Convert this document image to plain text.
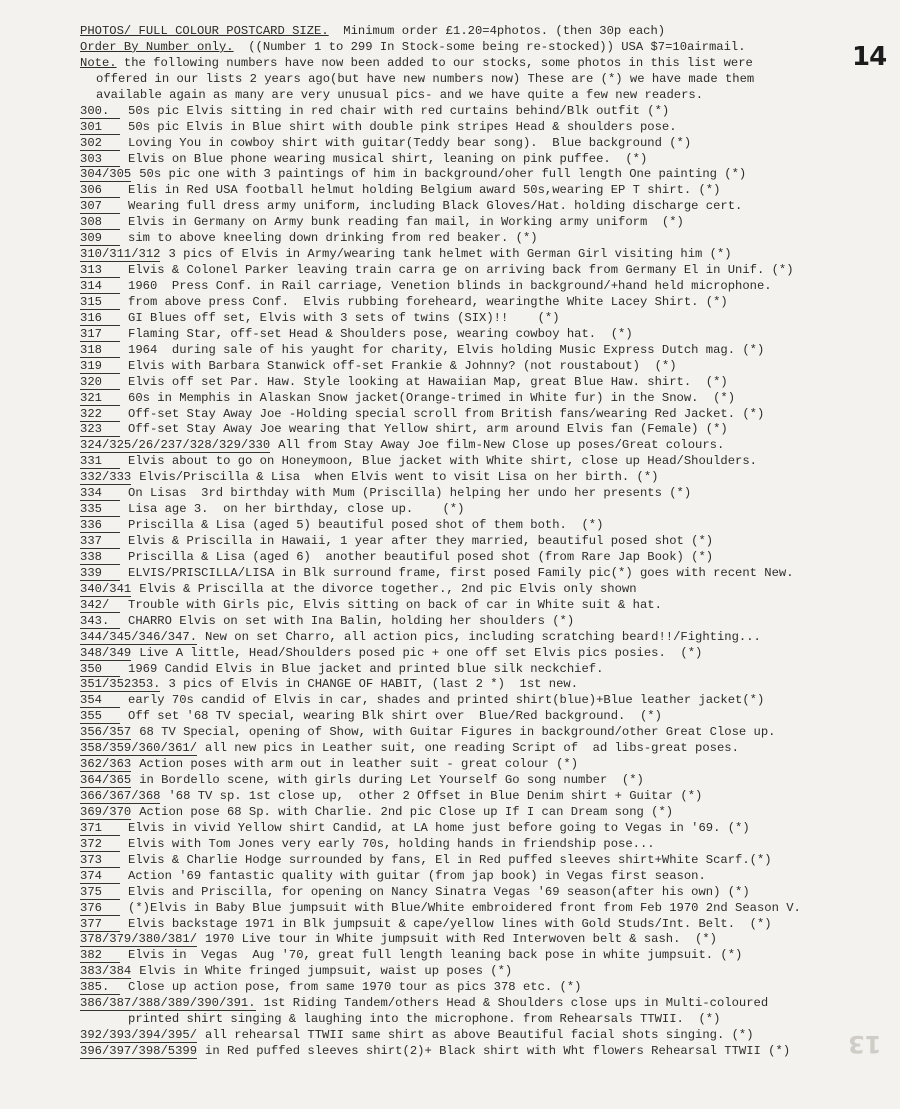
14
13
PHOTOS/ FULL COLOUR POSTCARD SIZE.  Minimum order £1.20=4photos. (then 30p each)
Order By Number only.  ((Number 1 to 299 In Stock-some being re-stocked)) USA $7=10airmail.
Note. the following numbers have now been added to our stocks, some photos in this list were
offered in our lists 2 years ago(but have new numbers now) These are (*) we have made them
available again as many are very unusual pics- and we have quite a few new readers.
300. 50s pic Elvis sitting in red chair with red curtains behind/Blk outfit (*)
301 50s pic Elvis in Blue shirt with double pink stripes Head & shoulders pose.
302 Loving You in cowboy shirt with guitar(Teddy bear song).  Blue background (*)
303 Elvis on Blue phone wearing musical shirt, leaning on pink puffee.  (*)
304/305 50s pic one with 3 paintings of him in background/oher full length One painting (*)
306 Elis in Red USA football helmut holding Belgium award 50s,wearing EP T shirt. (*)
307 Wearing full dress army uniform, including Black Gloves/Hat. holding discharge cert.
308 Elvis in Germany on Army bunk reading fan mail, in Working army uniform  (*)
309 sim to above kneeling down drinking from red beaker. (*)
310/311/312 3 pics of Elvis in Army/wearing tank helmet with German Girl visiting him (*)
313 Elvis & Colonel Parker leaving train carra ge on arriving back from Germany El in Unif. (*)
314 1960  Press Conf. in Rail carriage, Venetion blinds in background/+hand held microphone.
315 from above press Conf.  Elvis rubbing foreheard, wearingthe White Lacey Shirt. (*)
316 GI Blues off set, Elvis with 3 sets of twins (SIX)!!    (*)
317 Flaming Star, off-set Head & Shoulders pose, wearing cowboy hat.  (*)
318 1964  during sale of his yaught for charity, Elvis holding Music Express Dutch mag. (*)
319 Elvis with Barbara Stanwick off-set Frankie & Johnny? (not roustabout)  (*)
320 Elvis off set Par. Haw. Style looking at Hawaiian Map, great Blue Haw. shirt.  (*)
321 60s in Memphis in Alaskan Snow jacket(Orange-trimed in White fur) in the Snow.  (*)
322 Off-set Stay Away Joe -Holding special scroll from British fans/wearing Red Jacket. (*)
323 Off-set Stay Away Joe wearing that Yellow shirt, arm around Elvis fan (Female) (*)
324/325/26/237/328/329/330 All from Stay Away Joe film-New Close up poses/Great colours.
331 Elvis about to go on Honeymoon, Blue jacket with White shirt, close up Head/Shoulders.
332/333 Elvis/Priscilla & Lisa  when Elvis went to visit Lisa on her birth. (*)
334 On Lisas  3rd birthday with Mum (Priscilla) helping her undo her presents (*)
335 Lisa age 3.  on her birthday, close up.    (*)
336 Priscilla & Lisa (aged 5) beautiful posed shot of them both.  (*)
337 Elvis & Priscilla in Hawaii, 1 year after they married, beautiful posed shot (*)
338 Priscilla & Lisa (aged 6)  another beautiful posed shot (from Rare Jap Book) (*)
339 ELVIS/PRISCILLA/LISA in Blk surround frame, first posed Family pic(*) goes with recent New.
340/341 Elvis & Priscilla at the divorce together., 2nd pic Elvis only shown
342/ Trouble with Girls pic, Elvis sitting on back of car in White suit & hat.
343. CHARRO Elvis on set with Ina Balin, holding her shoulders (*)
344/345/346/347. New on set Charro, all action pics, including scratching beard!!/Fighting...
348/349 Live A little, Head/Shoulders posed pic + one off set Elvis pics posies.  (*)
350 1969 Candid Elvis in Blue jacket and printed blue silk neckchief.
351/352353. 3 pics of Elvis in CHANGE OF HABIT, (last 2 *)  1st new.
354 early 70s candid of Elvis in car, shades and printed shirt(blue)+Blue leather jacket(*)
355 Off set '68 TV special, wearing Blk shirt over  Blue/Red background.  (*)
356/357 68 TV Special, opening of Show, with Guitar Figures in background/other Great Close up.
358/359/360/361/ all new pics in Leather suit, one reading Script of  ad libs-great poses.
362/363 Action poses with arm out in leather suit - great colour (*)
364/365 in Bordello scene, with girls during Let Yourself Go song number  (*)
366/367/368 '68 TV sp. 1st close up,  other 2 Offset in Blue Denim shirt + Guitar (*)
369/370 Action pose 68 Sp. with Charlie. 2nd pic Close up If I can Dream song (*)
371 Elvis in vivid Yellow shirt Candid, at LA home just before going to Vegas in '69. (*)
372 Elvis with Tom Jones very early 70s, holding hands in friendship pose...
373 Elvis & Charlie Hodge surrounded by fans, El in Red puffed sleeves shirt+White Scarf.(*)
374 Action '69 fantastic quality with guitar (from jap book) in Vegas first season.
375 Elvis and Priscilla, for opening on Nancy Sinatra Vegas '69 season(after his own) (*)
376 (*)Elvis in Baby Blue jumpsuit with Blue/White embroidered front from Feb 1970 2nd Season V.
377 Elvis backstage 1971 in Blk jumpsuit & cape/yellow lines with Gold Studs/Int. Belt.  (*)
378/379/380/381/ 1970 Live tour in White jumpsuit with Red Interwoven belt & sash.  (*)
382 Elvis in  Vegas  Aug '70, great full length leaning back pose in white jumpsuit. (*)
383/384 Elvis in White fringed jumpsuit, waist up poses (*)
385. Close up action pose, from same 1970 tour as pics 378 etc. (*)
386/387/388/389/390/391. 1st Riding Tandem/others Head & Shoulders close ups in Multi-coloured
printed shirt singing & laughing into the microphone. from Rehearsals TTWII.  (*)
392/393/394/395/ all rehearsal TTWII same shirt as above Beautiful facial shots singing. (*)
396/397/398/5399 in Red puffed sleeves shirt(2)+ Black shirt with Wht flowers Rehearsal TTWII (*)
